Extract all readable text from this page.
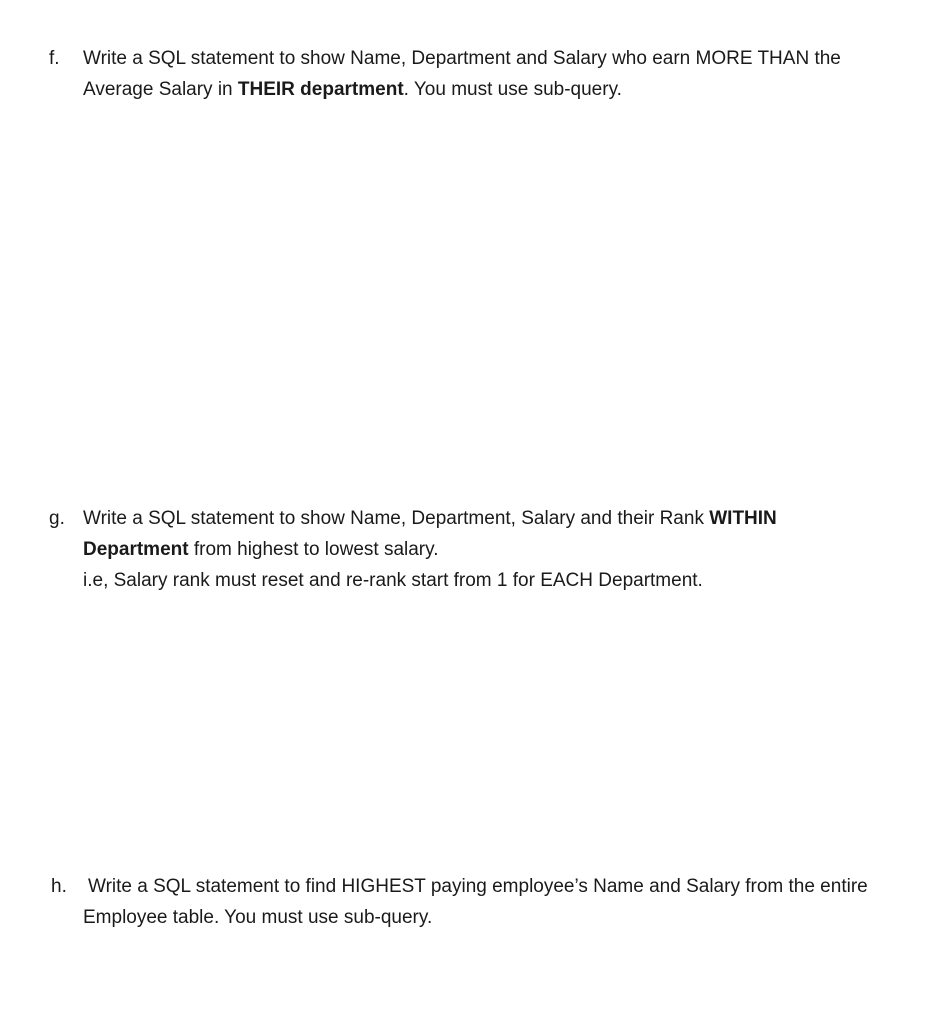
f. Write a SQL statement to show Name, Department and Salary who earn MORE THAN the
Average Salary in THEIR department. You must use sub-query.
g. Write a SQL statement to show Name, Department, Salary and their Rank WITHIN
Department from highest to lowest salary.
i.e, Salary rank must reset and re-rank start from 1 for EACH Department.
h. Write a SQL statement to find HIGHEST paying employee’s Name and Salary from the entire
Employee table. You must use sub-query.
